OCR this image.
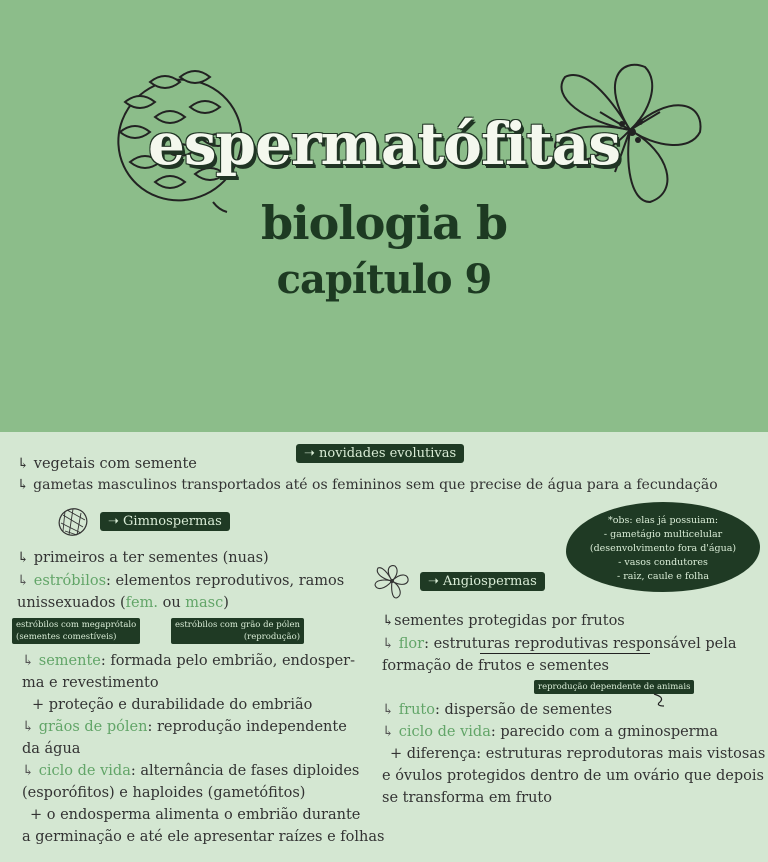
espermatófitas
biologia b
capítulo 9
➝ novidades evolutivas
↳ vegetais com semente
↳ gametas masculinos transportados até os femininos sem que precise de água para a fecundação
➝ Gimnospermas
↳ primeiros a ter sementes (nuas)
↳ estróbilos: elementos reprodutivos, ramos
unissexuados (fem. ou masc)
estróbilos com megaprótalo
(sementes comestíveis)
estróbilos com grão de pólen
(reprodução)
↳ semente: formada pelo embrião, endosper-
ma e revestimento
+ proteção e durabilidade do embrião
↳ grãos de pólen: reprodução independente
da água
↳ ciclo de vida: alternância de fases diploides
(esporófitos) e haploides (gametófitos)
+ o endosperma alimenta o embrião durante
a germinação e até ele apresentar raízes e folhas
*obs: elas já possuiam:
- gametágio multicelular
(desenvolvimento fora d'água)
- vasos condutores
- raiz, caule e folha
➝ Angiospermas
↳sementes protegidas por frutos
↳ flor: estruturas reprodutivas responsável pela
formação de frutos e sementes
reprodução dependente de animais
↳ fruto: dispersão de sementes
↳ ciclo de vida: parecido com a gminosperma
+ diferença: estruturas reprodutoras mais vistosas
e óvulos protegidos dentro de um ovário que depois
se transforma em fruto
